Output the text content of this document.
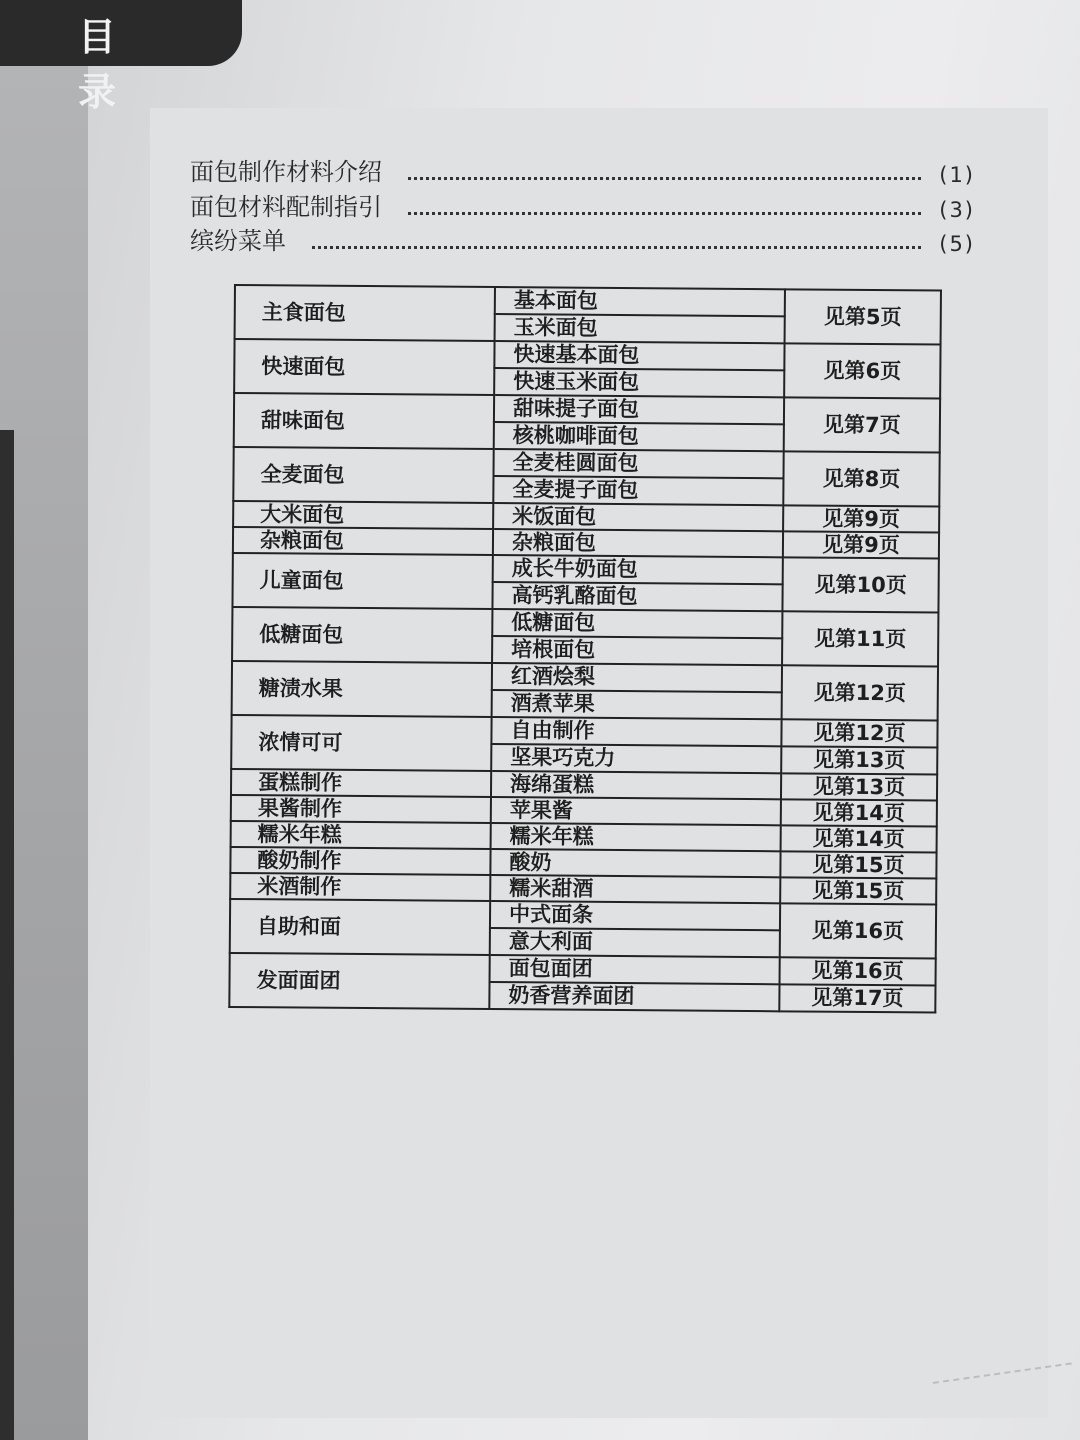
目 录
面包制作材料介绍	(1)
面包材料配制指引	(3)
缤纷菜单	(5)
主食面包	基本面包	见第5页
	玉米面包	
快速面包	快速基本面包	见第6页
	快速玉米面包	
甜味面包	甜味提子面包	见第7页
	核桃咖啡面包	
全麦面包	全麦桂圆面包	见第8页
	全麦提子面包	
大米面包	米饭面包	见第9页
杂粮面包	杂粮面包	见第9页
儿童面包	成长牛奶面包	见第10页
	高钙乳酪面包	
低糖面包	低糖面包	见第11页
	培根面包	
糖渍水果	红酒烩梨	见第12页
	酒煮苹果	
浓情可可	自由制作	见第12页
	坚果巧克力	见第13页
蛋糕制作	海绵蛋糕	见第13页
果酱制作	苹果酱	见第14页
糯米年糕	糯米年糕	见第14页
酸奶制作	酸奶	见第15页
米酒制作	糯米甜酒	见第15页
自助和面	中式面条	见第16页
	意大利面	
发面面团	面包面团	见第16页
	奶香营养面团	见第17页
